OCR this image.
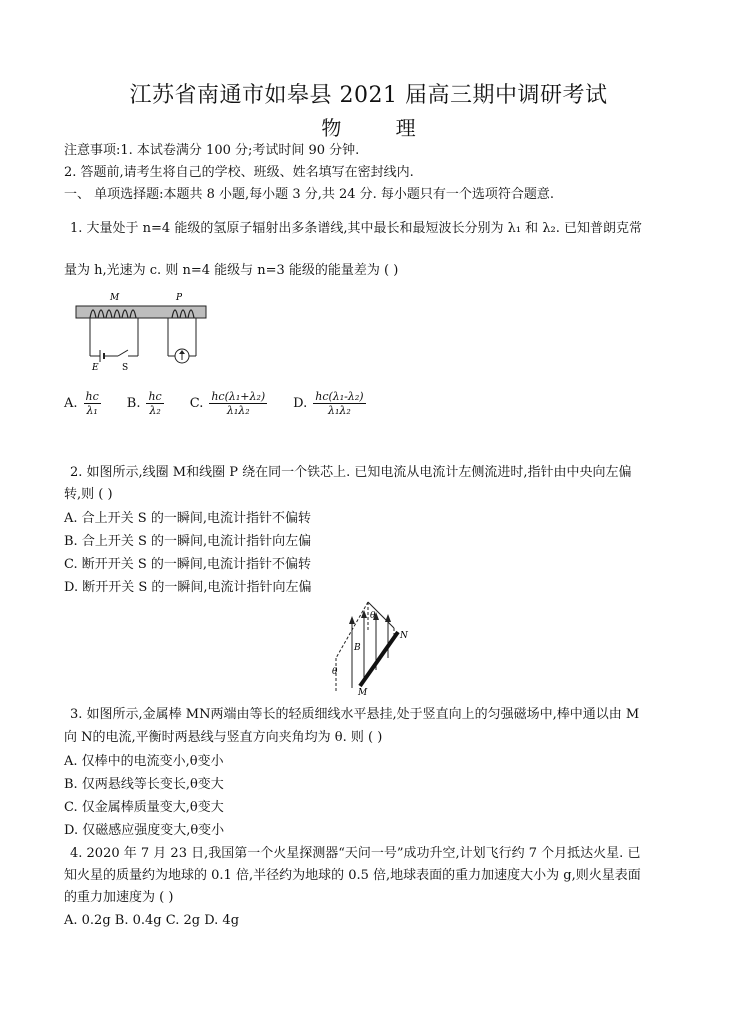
江苏省南通市如皋县 2021 届高三期中调研考试
物 理
注意事项:1. 本试卷满分 100 分;考试时间 90 分钟.
2. 答题前,请考生将自己的学校、班级、姓名填写在密封线内.
一、 单项选择题:本题共 8 小题,每小题 3 分,共 24 分. 每小题只有一个选项符合题意.
1. 大量处于 n=4 能级的氢原子辐射出多条谱线,其中最长和最短波长分别为 λ₁ 和 λ₂. 已知普朗克常
量为 h,光速为 c. 则 n=4 能级与 n=3 能级的能量差为 ( )
M	P
E	S
A. $\frac{hc}{\text{λ₁}} B$. $\frac{hc}{\text{λ₂}} C$. $\frac{\text{hc(λ₁+λ₂)}}{\text{λ₁λ₂}} D$. $\frac{\text{hc(λ₁-λ₂)}}{\text{λ₁λ₂}}$
2. 如图所示,线圈 M和线圈 P 绕在同一个铁芯上. 已知电流从电流计左侧流进时,指针由中央向左偏
转,则 ( )
A. 合上开关 S 的一瞬间,电流计指针不偏转
B. 合上开关 S 的一瞬间,电流计指针向左偏
C. 断开开关 S 的一瞬间,电流计指针不偏转
D. 断开开关 S 的一瞬间,电流计指针向左偏
θ
θ
B
N
M
3. 如图所示,金属棒 MN两端由等长的轻质细线水平悬挂,处于竖直向上的匀强磁场中,棒中通以由 M
向 N的电流,平衡时两悬线与竖直方向夹角均为 θ. 则 ( )
A. 仅棒中的电流变小,θ变小
B. 仅两悬线等长变长,θ变大
C. 仅金属棒质量变大,θ变大
D. 仅磁感应强度变大,θ变小
4. 2020 年 7 月 23 日,我国第一个火星探测器“天问一号”成功升空,计划飞行约 7 个月抵达火星. 已
知火星的质量约为地球的 0.1 倍,半径约为地球的 0.5 倍,地球表面的重力加速度大小为 g,则火星表面
的重力加速度为 ( )
A. 0.2g B. 0.4g C. 2g D. 4g
